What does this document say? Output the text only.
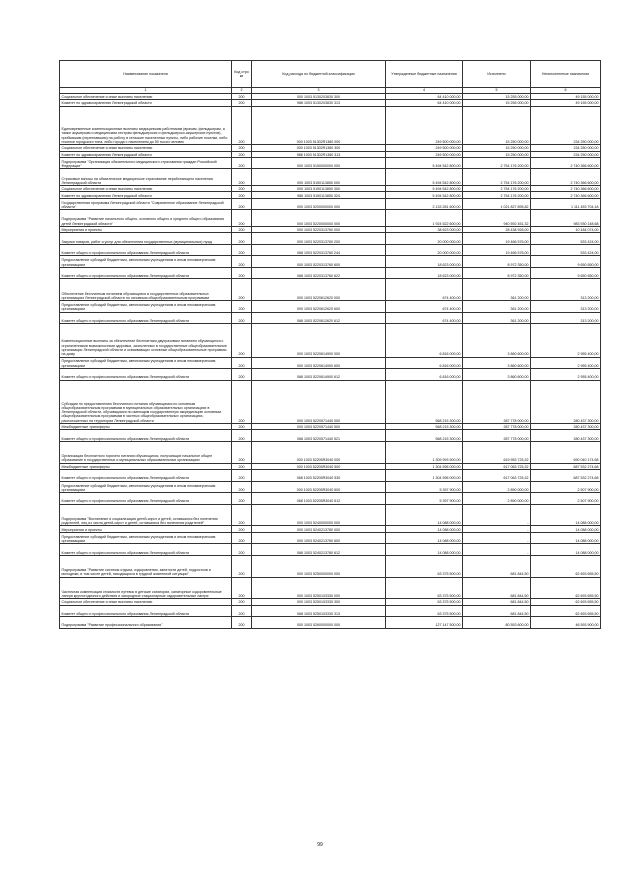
Наименование показателя	Код стро ки	Код расхода по бюджетной классификации	Утвержденные бюджетные назначения	Исполнено	Неисполненные назначения
1	2	3	4	5	6
Социальное обеспечение и иные выплаты населению	200	000 1003 5130203830 300	64 410 000,00	15 255 000,00	49 155 000,00
Комитет по здравоохранению Ленинградской области	200	986 1003 5130203830 313	64 410 000,00	15 255 000,00	49 155 000,00
Единовременные компенсационные выплаты медицинским работникам (врачам, фельдшерам, а также акушеркам и медицинским сестрам фельдшерских и фельдшерско-акушерских пунктов), прибывшим (переехавшим) на работу в сельские населенные пункты, либо рабочие поселки, либо поселки городского типа, либо города с населением до 50 тысяч человек	200	000 1003 51302R1380 000	249 500 000,00	15 250 000,00	234 250 000,00
Социальное обеспечение и иные выплаты населению	200	000 1003 51302R1380 300	249 500 000,00	15 250 000,00	234 250 000,00
Комитет по здравоохранению Ленинградской области	200	986 1003 51302R1380 313	249 500 000,00	15 250 000,00	234 250 000,00
Подпрограмма "Организация обязательного медицинского страхования граждан Российской Федерации"	200	000 1003 5150000000 000	5 494 542 800,00	2 754 176 200,00	2 740 366 600,00
Страховые взносы на обязательное медицинское страхование неработающего населения Ленинградской области	200	000 1003 5150113850 000	5 494 542 800,00	2 754 176 200,00	2 740 366 600,00
Социальное обеспечение и иные выплаты населению	200	000 1003 5150113850 300	5 494 542 800,00	2 754 176 200,00	2 740 366 600,00
Комитет по здравоохранению Ленинградской области	200	986 1003 5150113850 324	5 494 542 800,00	2 754 176 200,00	2 740 366 600,00
Государственная программа Ленинградской области "Современное образование Ленинградской области"	200	000 1003 5200000000 000	2 133 281 600,00	1 021 827 895,82	1 111 453 704,18
Подпрограмма "Развитие начального общего, основного общего и среднего общего образования детей Ленинградской области"	200	000 1003 5220000000 000	1 924 522 600,00	940 592 451,32	983 930 148,68
Мероприятия и проекты	200	000 1003 5220313760 000	38 623 000,00	28 438 926,00	10 184 074,00
Закупка товаров, работ и услуг для обеспечения государственных (муниципальных) нужд	200	000 1003 5220313760 200	20 000 000,00	19 466 576,00	533 424,00
Комитет общего и профессионального образования Ленинградской области	200	068 1003 5220313760 244	20 000 000,00	19 466 576,00	533 424,00
Предоставление субсидий бюджетным, автономным учреждениям и иным некоммерческим организациям	200	000 1003 5220313760 600	18 623 000,00	8 972 350,00	9 650 650,00
Комитет общего и профессионального образования Ленинградской области	200	068 1003 5220313760 622	18 623 000,00	8 972 350,00	9 650 650,00
Обеспечение бесплатным питанием обучающихся в государственных образовательных организациях Ленинградской области по основным общеобразовательным программам	200	000 1003 5220612620 000	674 400,00	361 200,00	313 200,00
Предоставление субсидий бюджетным, автономным учреждениям и иным некоммерческим организациям	200	000 1003 5220612620 600	674 400,00	361 200,00	313 200,00
Комитет общего и профессионального образования Ленинградской области	200	068 1003 5220612620 612	674 400,00	361 200,00	313 200,00
Компенсационные выплаты за обеспечение бесплатным двухразовым питанием обучающихся с ограниченными возможностями здоровья, зачисленных в государственные общеобразовательные организации Ленинградской области и осваивающих основные общеобразовательные программы на дому	200	000 1003 5220614900 000	6 816 000,00	3 860 600,00	2 955 400,00
Предоставление субсидий бюджетным, автономным учреждениям и иным некоммерческим организациям	200	000 1003 5220614900 600	6 816 000,00	3 860 600,00	2 955 400,00
Комитет общего и профессионального образования Ленинградской области	200	068 1003 5220614900 612	6 816 000,00	3 860 600,00	2 955 400,00
Субсидии по предоставлению бесплатного питания обучающимся по основным общеобразовательным программам в муниципальных образовательных организациях в Ленинградской области, обучающимся по имеющим государственную аккредитацию основным общеобразовательным программам в частных общеобразовательных организациях, расположенных на территории Ленинградской области	200	000 1003 5220571440 000	568 215 300,00	287 778 000,00	280 437 300,00
Межбюджетные трансферты	200	000 1003 5220571440 500	568 215 300,00	287 778 000,00	280 437 300,00
Комитет общего и профессионального образования Ленинградской области	200	068 1003 5220571440 521	568 215 300,00	287 778 000,00	280 437 300,00
Организация бесплатного горячего питания обучающихся, получающих начальное общее образование в государственных и муниципальных образовательных организациях	200	000 1003 52205R3040 000	1 309 993 900,00	619 953 725,32	690 040 174,68
Межбюджетные трансферты	200	000 1003 52205R3040 500	1 304 596 000,00	617 063 725,32	687 532 274,68
Комитет общего и профессионального образования Ленинградской области	200	068 1003 52205R3040 530	1 304 596 000,00	617 063 725,32	687 532 274,68
Предоставление субсидий бюджетным, автономным учреждениям и иным некоммерческим организациям	200	000 1003 52205R3040 600	5 397 900,00	2 890 000,00	2 507 900,00
Комитет общего и профессионального образования Ленинградской области	200	068 1003 52205R3040 612	5 397 900,00	2 890 000,00	2 507 900,00
Подпрограмма "Воспитание и социализация детей-сирот и детей, оставшихся без попечения родителей, лиц из числа детей-сирот и детей, оставшихся без попечения родителей"	200	000 1003 5240000000 000	14 088 000,00	-	14 088 000,00
Мероприятия и проекты	200	000 1003 5240213780 000	14 088 000,00	-	14 088 000,00
Предоставление субсидий бюджетным, автономным учреждениям и иным некоммерческим организациям	200	000 1003 5240213780 600	14 088 000,00	-	14 088 000,00
Комитет общего и профессионального образования Ленинградской области	200	068 1003 5240213780 612	14 088 000,00	-	14 088 000,00
Подпрограмма "Развитие системы отдыха, оздоровления, занятости детей, подростков и молодежи, в том числе детей, находящихся в трудной жизненной ситуации"	200	000 1003 5250000000 000	63 375 500,00	681 844,50	62 693 655,50
Частичная компенсация стоимости путевок в детские санатории, санаторные оздоровительные лагеря круглогодичного действия и загородные стационарные оздоровительные лагеря	200	000 1003 5250103330 000	63 375 500,00	681 844,50	62 693 655,50
Социальное обеспечение и иные выплаты населению	200	000 1003 5250103330 300	63 375 500,00	681 844,50	62 693 655,50
Комитет общего и профессионального образования Ленинградской области	200	068 1003 5250103330 313	63 375 500,00	681 844,50	62 693 655,50
Подпрограмма "Развитие профессионального образования"	200	000 1003 5260000000 000	127 147 500,00	80 553 600,00	46 593 900,00
99
